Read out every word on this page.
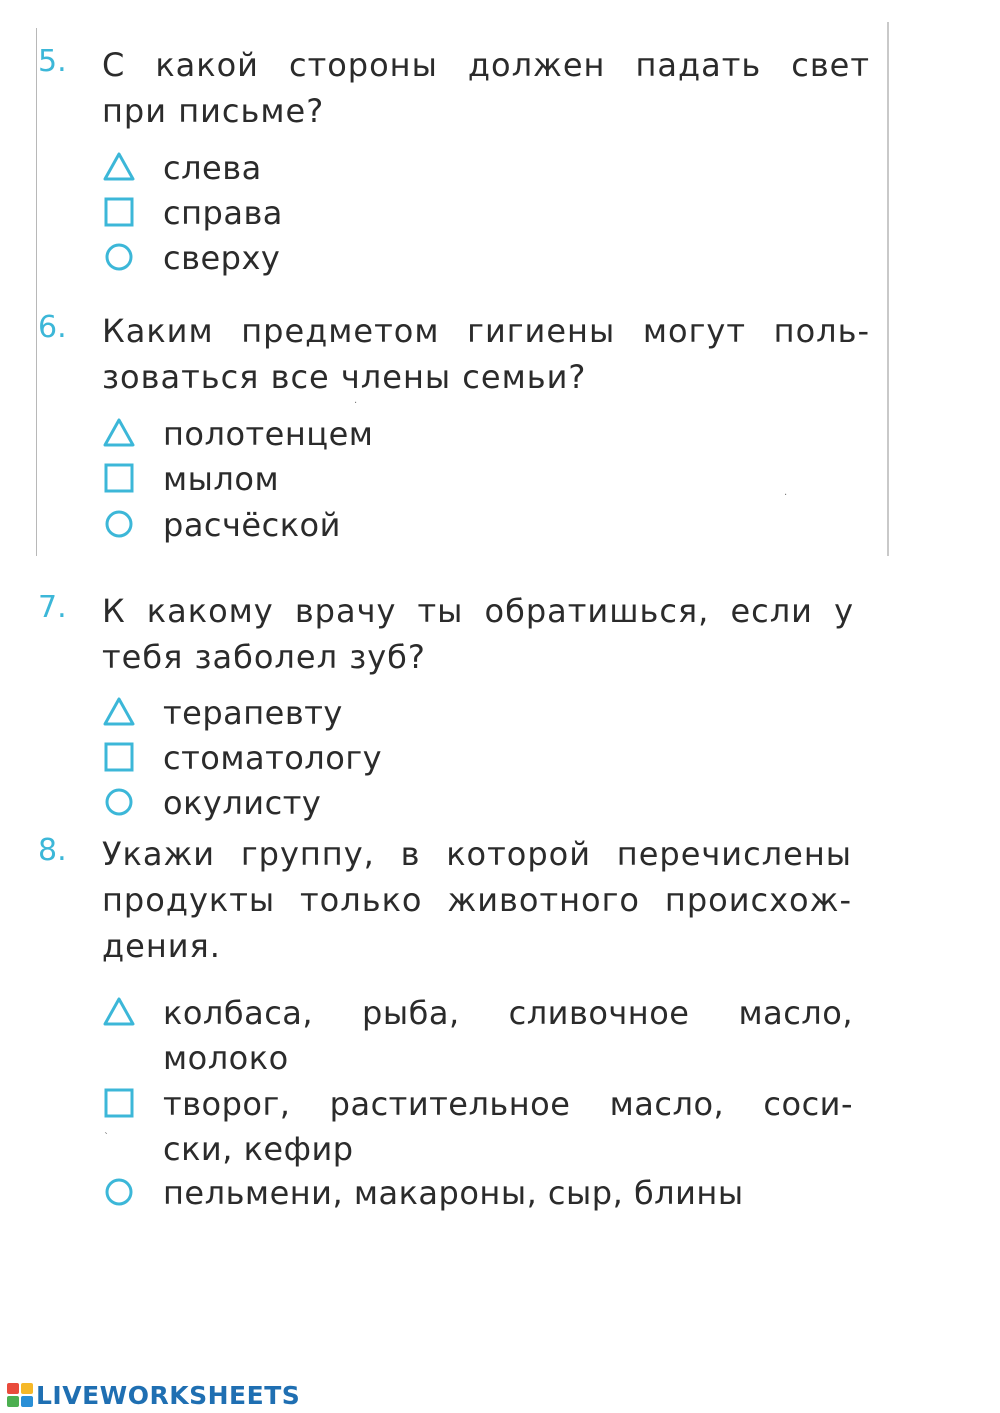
5. С какой стороны должен падать свет
при письме?
слева
справа
сверху
6. Каким предметом гигиены могут поль-
зоваться все члены семьи?
·
полотенцем
мылом	·
расчёской
7. К какому врачу ты обратишься, если у
тебя заболел зуб?
терапевту
стоматологу
окулисту
8. Укажи группу, в которой перечислены
продукты только животного происхож-
дения.
колбаса, рыба, сливочное масло,
молоко
творог, растительное масло, соси-
ски, кефир
`
пельмени, макароны, сыр, блины
LIVEWORKSHEETS
